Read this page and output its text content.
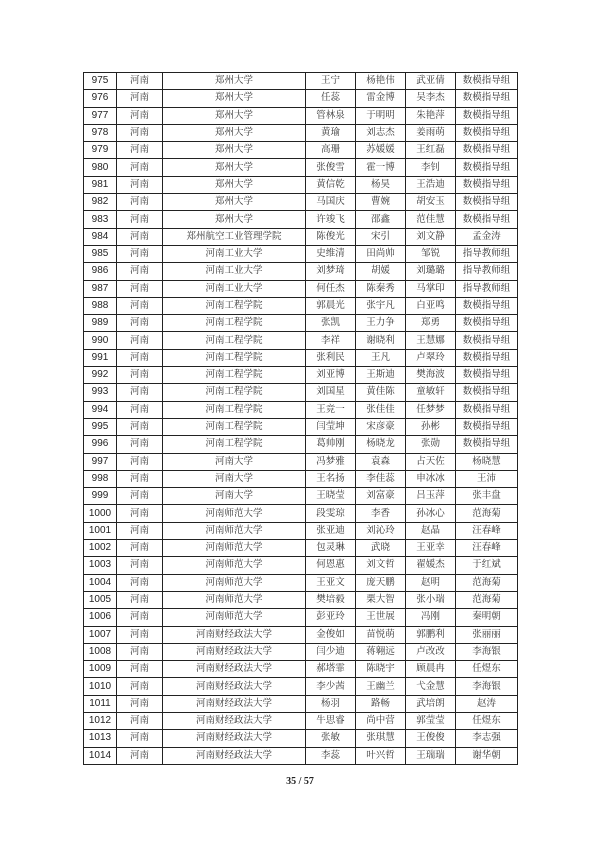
975	河南	郑州大学	王宁	杨艳伟	武亚倩	数模指导组
976	河南	郑州大学	任蕊	雷金博	吴李杰	数模指导组
977	河南	郑州大学	管林泉	于明明	朱艳萍	数模指导组
978	河南	郑州大学	黄瑜	刘志杰	姜雨萌	数模指导组
979	河南	郑州大学	高珊	苏媛媛	王红磊	数模指导组
980	河南	郑州大学	张俊雪	霍一博	李钊	数模指导组
981	河南	郑州大学	黄信乾	杨昊	王浩迪	数模指导组
982	河南	郑州大学	马国庆	曹婉	胡安玉	数模指导组
983	河南	郑州大学	许竣飞	邵鑫	范佳慧	数模指导组
984	河南	郑州航空工业管理学院	陈俊光	宋引	刘文静	孟金涛
985	河南	河南工业大学	史维清	田尚帅	邹锐	指导教师组
986	河南	河南工业大学	刘梦琦	胡媛	刘璐璐	指导教师组
987	河南	河南工业大学	何任杰	陈秦秀	马掌印	指导教师组
988	河南	河南工程学院	郭晨光	张宇凡	白亚鸣	数模指导组
989	河南	河南工程学院	张凯	王力争	郑勇	数模指导组
990	河南	河南工程学院	李祥	谢晓利	王慧娜	数模指导组
991	河南	河南工程学院	张利民	王凡	卢翠玲	数模指导组
992	河南	河南工程学院	刘亚博	王斯迪	樊海波	数模指导组
993	河南	河南工程学院	刘国星	黄佳陈	童敏轩	数模指导组
994	河南	河南工程学院	王竞一	张佳佳	任梦梦	数模指导组
995	河南	河南工程学院	闫莹坤	宋彦豪	孙彬	数模指导组
996	河南	河南工程学院	葛帅刚	杨晓龙	张勋	数模指导组
997	河南	河南大学	冯梦雅	袁森	占天佐	杨晓慧
998	河南	河南大学	王名扬	李佳蕊	申冰冰	王沛
999	河南	河南大学	王晓莹	刘富豪	吕玉萍	张丰盘
1000	河南	河南师范大学	段雯琼	李香	孙冰心	范海菊
1001	河南	河南师范大学	张亚迪	刘沁玲	赵晶	汪春峰
1002	河南	河南师范大学	包灵琳	武晓	王亚幸	汪春峰
1003	河南	河南师范大学	何恩惠	刘文哲	翟媛杰	于红斌
1004	河南	河南师范大学	王亚文	庞天鹏	赵明	范海菊
1005	河南	河南师范大学	樊培毅	栗大智	张小瑞	范海菊
1006	河南	河南师范大学	彭亚玲	王世展	冯刚	秦明朝
1007	河南	河南财经政法大学	金俊如	苗悦萌	郭鹏利	张丽丽
1008	河南	河南财经政法大学	闫少迪	蒋翱远	卢改改	李海银
1009	河南	河南财经政法大学	郝塔霏	陈晓宇	顾晨冉	任煜东
1010	河南	河南财经政法大学	李少茜	王幽兰	弋金慧	李海银
1011	河南	河南财经政法大学	杨羽	路畅	武培朗	赵涛
1012	河南	河南财经政法大学	牛思睿	尚中营	郭莹莹	任煜东
1013	河南	河南财经政法大学	张敏	张琪慧	王俊俊	李志强
1014	河南	河南财经政法大学	李蕊	叶兴哲	王瑞瑞	谢华朝
35 / 57
